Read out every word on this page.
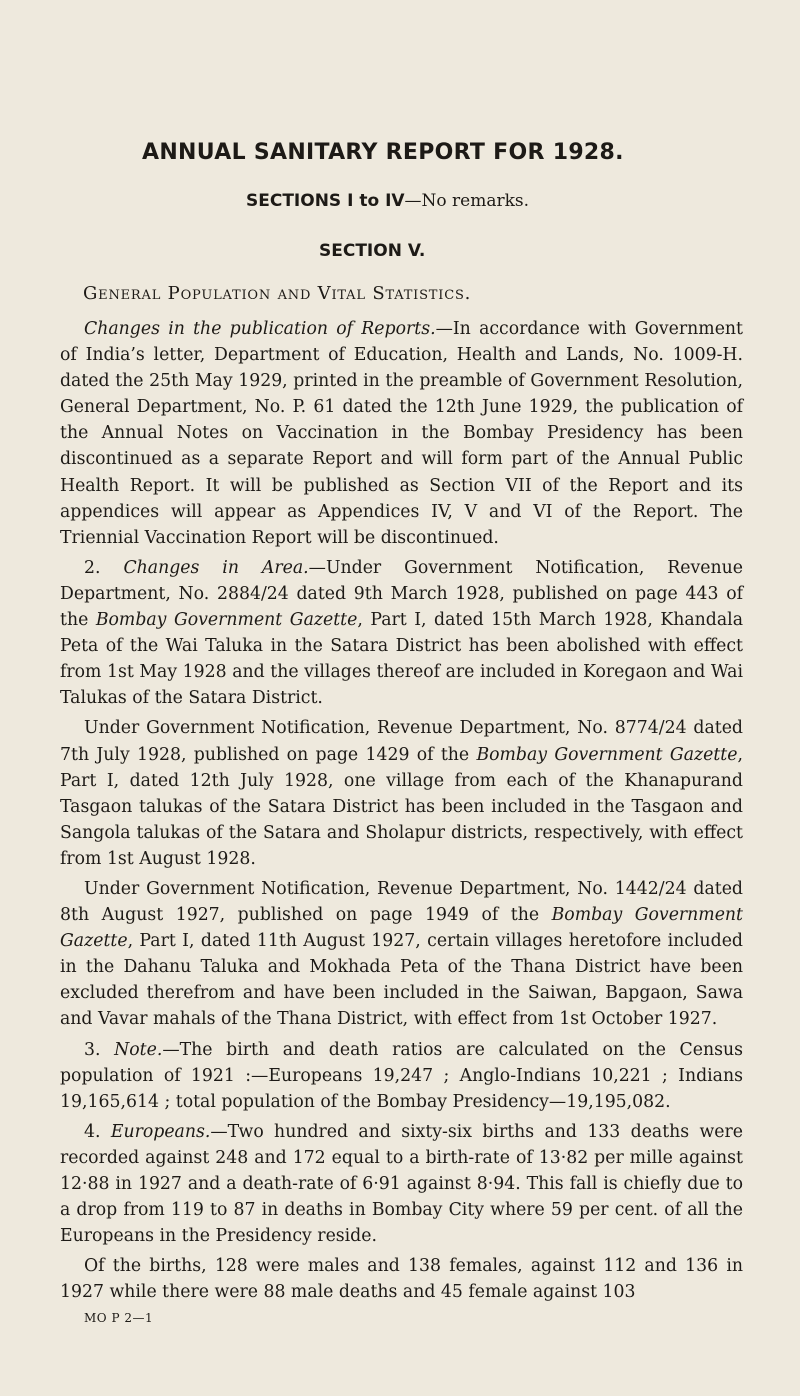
ANNUAL SANITARY REPORT FOR 1928.
SECTIONS I to IV—No remarks.
SECTION V.
General Population and Vital Statistics.

Changes in the publication of Reports.—In accordance with Government of India’s letter, Department of Education, Health and Lands, No. 1009-H. dated the 25th May 1929, printed in the preamble of Government Resolution, General Department, No. P. 61 dated the 12th June 1929, the publication of the Annual Notes on Vaccination in the Bombay Presidency has been discontinued as a separate Report and will form part of the Annual Public Health Report. It will be published as Section VII of the Report and its appendices will appear as Appendices IV, V and VI of the Report. The Triennial Vaccination Report will be discontinued.

2. Changes in Area.—Under Government Notification, Revenue Department, No. 2884/24 dated 9th March 1928, published on page 443 of the Bombay Government Gazette, Part I, dated 15th March 1928, Khandala Peta of the Wai Taluka in the Satara District has been abolished with effect from 1st May 1928 and the villages thereof are included in Koregaon and Wai Talukas of the Satara District.

Under Government Notification, Revenue Department, No. 8774/24 dated 7th July 1928, published on page 1429 of the Bombay Government Gazette, Part I, dated 12th July 1928, one village from each of the Khanapurand Tasgaon talukas of the Satara District has been included in the Tasgaon and Sangola talukas of the Satara and Sholapur districts, respectively, with effect from 1st August 1928.

Under Government Notification, Revenue Department, No. 1442/24 dated 8th August 1927, published on page 1949 of the Bombay Government Gazette, Part I, dated 11th August 1927, certain villages heretofore included in the Dahanu Taluka and Mokhada Peta of the Thana District have been excluded therefrom and have been included in the Saiwan, Bapgaon, Sawa and Vavar mahals of the Thana District, with effect from 1st October 1927.

3. Note.—The birth and death ratios are calculated on the Census population of 1921 :—Europeans 19,247 ; Anglo-Indians 10,221 ; Indians 19,165,614 ; total population of the Bombay Presidency—19,195,082.

4. Europeans.—Two hundred and sixty-six births and 133 deaths were recorded against 248 and 172 equal to a birth-rate of 13·82 per mille against 12·88 in 1927 and a death-rate of 6·91 against 8·94. This fall is chiefly due to a drop from 119 to 87 in deaths in Bombay City where 59 per cent. of all the Europeans in the Presidency reside.

Of the births, 128 were males and 138 females, against 112 and 136 in 1927 while there were 88 male deaths and 45 female against 103

MO P 2—1
